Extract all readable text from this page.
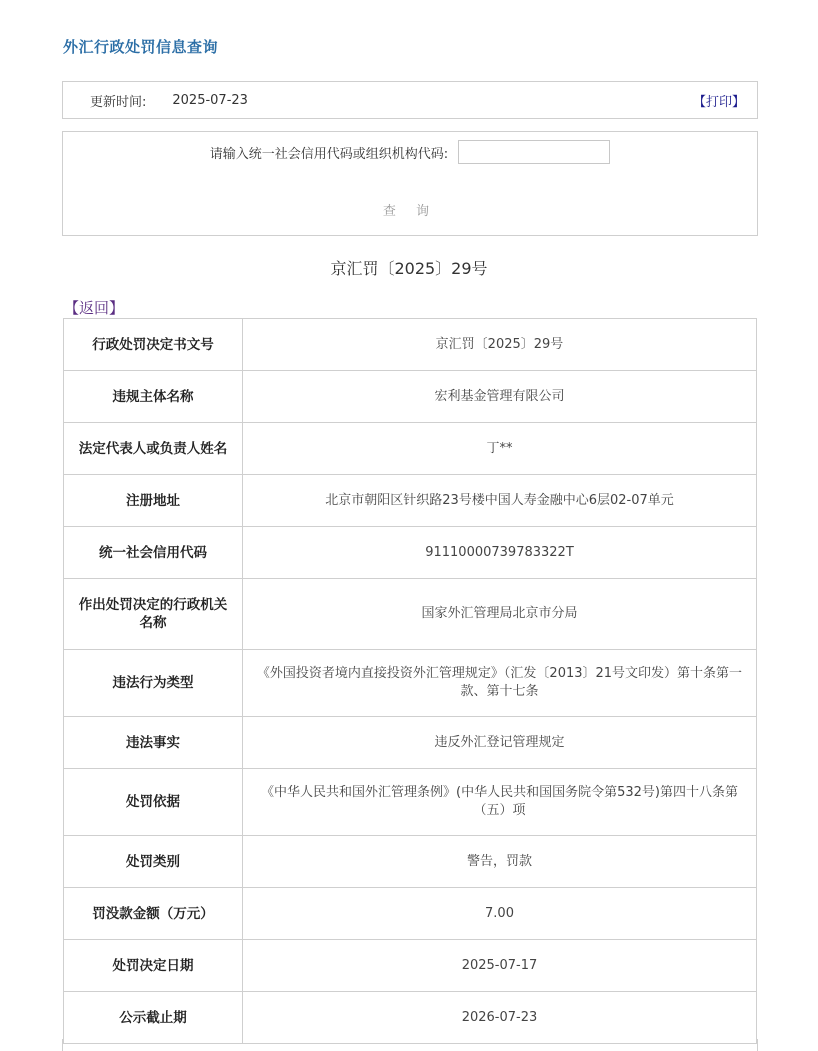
外汇行政处罚信息查询
更新时间: 2025-07-23	【打印】
请输入统一社会信用代码或组织机构代码:
查 询
京汇罚〔2025〕29号
【返回】
行政处罚决定书文号	京汇罚〔2025〕29号
违规主体名称	宏利基金管理有限公司
法定代表人或负责人姓名	丁**
注册地址	北京市朝阳区针织路23号楼中国人寿金融中心6层02-07单元
统一社会信用代码	91110000739783322T
作出处罚决定的行政机关名称	国家外汇管理局北京市分局
违法行为类型	《外国投资者境内直接投资外汇管理规定》（汇发〔2013〕21号文印发）第十条第一款、第十七条
违法事实	违反外汇登记管理规定
处罚依据	《中华人民共和国外汇管理条例》(中华人民共和国国务院令第532号)第四十八条第（五）项
处罚类别	警告，罚款
罚没款金额（万元）	7.00
处罚决定日期	2025-07-17
公示截止期	2026-07-23
